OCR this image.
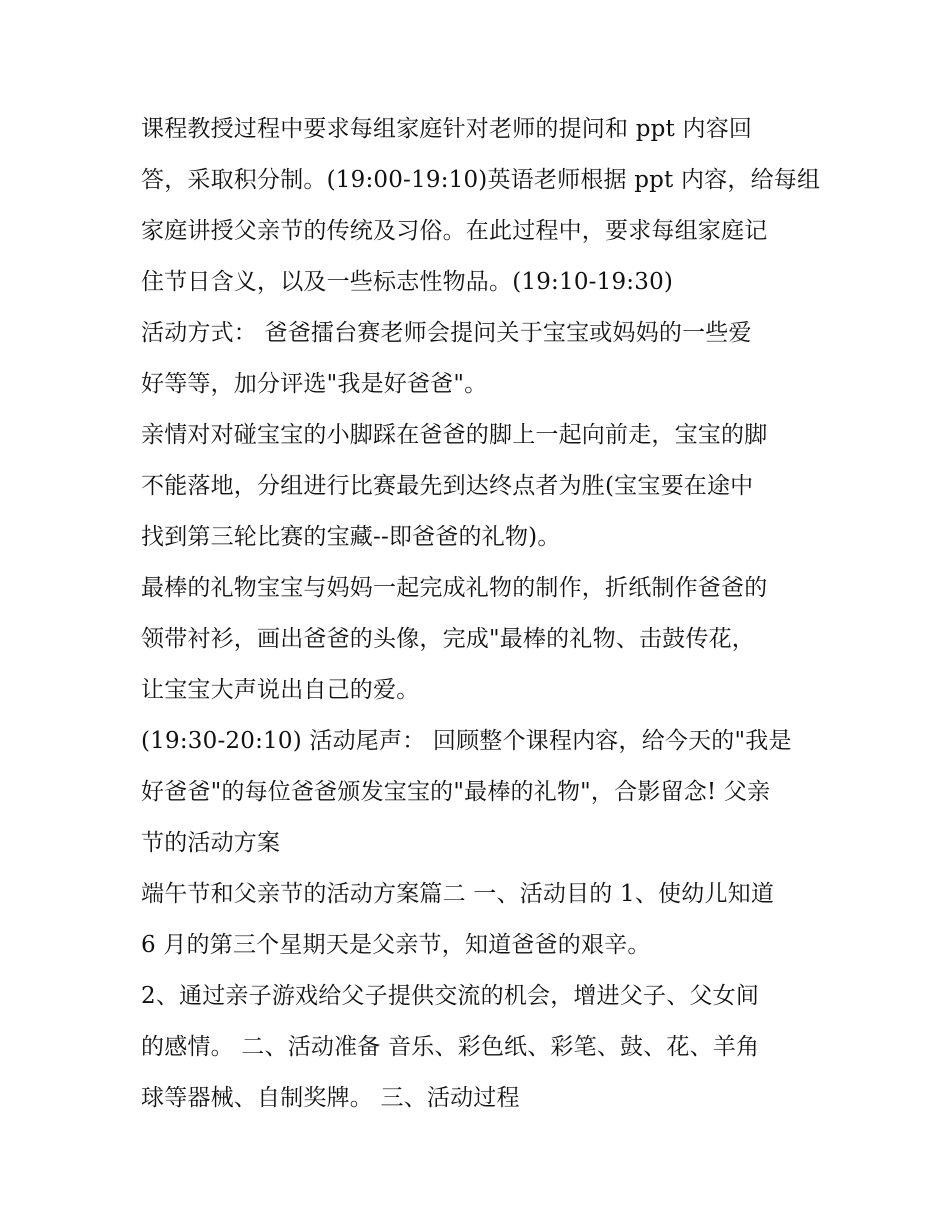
课程教授过程中要求每组家庭针对老师的提问和 ppt 内容回
答，采取积分制。(19:00-19:10)英语老师根据 ppt 内容，给每组
家庭讲授父亲节的传统及习俗。在此过程中，要求每组家庭记
住节日含义，以及一些标志性物品。(19:10-19:30)
活动方式： 爸爸擂台赛老师会提问关于宝宝或妈妈的一些爱
好等等，加分评选"我是好爸爸"。
亲情对对碰宝宝的小脚踩在爸爸的脚上一起向前走，宝宝的脚
不能落地，分组进行比赛最先到达终点者为胜(宝宝要在途中
找到第三轮比赛的宝藏--即爸爸的礼物)。
最棒的礼物宝宝与妈妈一起完成礼物的制作，折纸制作爸爸的
领带衬衫，画出爸爸的头像，完成"最棒的礼物、击鼓传花，
让宝宝大声说出自己的爱。
(19:30-20:10) 活动尾声： 回顾整个课程内容，给今天的"我是
好爸爸"的每位爸爸颁发宝宝的"最棒的礼物"，合影留念! 父亲
节的活动方案
端午节和父亲节的活动方案篇二 一、活动目的 1、使幼儿知道
6 月的第三个星期天是父亲节，知道爸爸的艰辛。
2、通过亲子游戏给父子提供交流的机会，增进父子、父女间
的感情。 二、活动准备 音乐、彩色纸、彩笔、鼓、花、羊角
球等器械、自制奖牌。 三、活动过程
